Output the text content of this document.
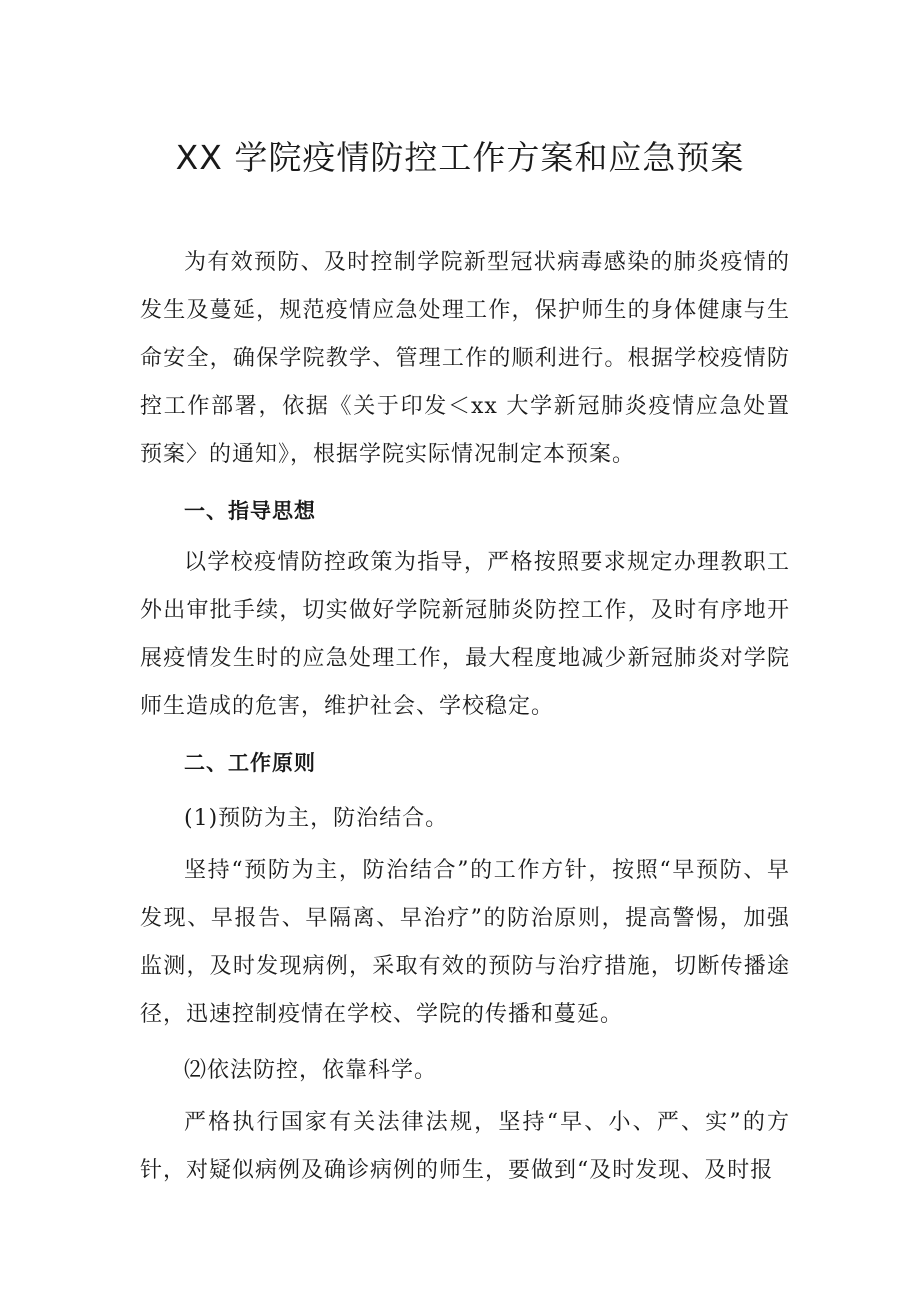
XX 学院疫情防控工作方案和应急预案

为有效预防、及时控制学院新型冠状病毒感染的肺炎疫情的发生及蔓延，规范疫情应急处理工作，保护师生的身体健康与生命安全，确保学院教学、管理工作的顺利进行。根据学校疫情防控工作部署，依据《关于印发＜xx 大学新冠肺炎疫情应急处置预案〉的通知》，根据学院实际情况制定本预案。

一、指导思想

以学校疫情防控政策为指导，严格按照要求规定办理教职工外出审批手续，切实做好学院新冠肺炎防控工作，及时有序地开展疫情发生时的应急处理工作，最大程度地减少新冠肺炎对学院师生造成的危害，维护社会、学校稳定。

二、工作原则

(1)预防为主，防治结合。

坚持“预防为主，防治结合”的工作方针，按照“早预防、早发现、早报告、早隔离、早治疗”的防治原则，提高警惕，加强监测，及时发现病例，采取有效的预防与治疗措施，切断传播途径，迅速控制疫情在学校、学院的传播和蔓延。

⑵依法防控，依靠科学。

严格执行国家有关法律法规，坚持“早、小、严、实”的方针，对疑似病例及确诊病例的师生，要做到“及时发现、及时报
